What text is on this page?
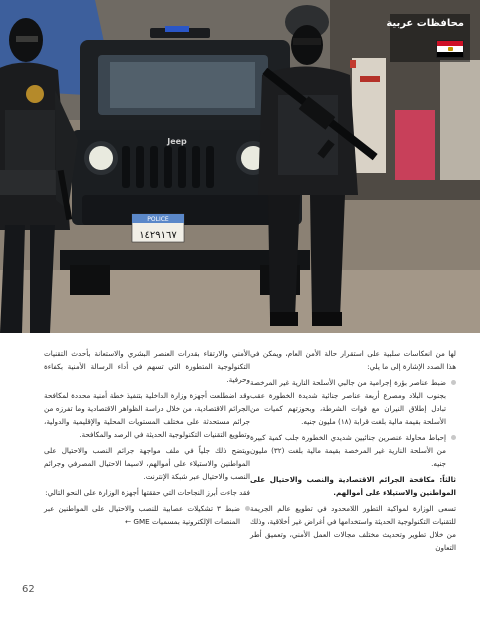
POLICE
١٤٢٩١٦٧
Jeep
محافظات عربية

لها من انعكاسات سلبية على استقرار حالة الأمن العام، ويمكن في هذا الصدد الإشارة إلى ما يلي:

ضبط عناصر بؤرة إجرامية من جالبي الأسلحة النارية غير المرخصة بجنوب البلاد ومصرع أربعة عناصر جنائية شديدة الخطورة عقب تبادل إطلاق النيران مع قوات الشرطة، وبحوزتهم كميات من الأسلحة بقيمة مالية بلغت قرابة (١٨) مليون جنيه.
إحباط محاولة عنصرين جنائيين شديدي الخطورة جلب كمية كبيرة من الأسلحة النارية غير المرخصة بقيمة مالية بلغت (٣٢) مليون جنيه.

ثالثاً: مكافحة الجرائم الاقتصادية والنصب والاحتيال على المواطنين والاستيلاء على أموالهم.

تسعى الوزارة لمواكبة التطور اللامحدود في تطويع عالم الجريمة للتقنيات التكنولوجية الحديثة واستخدامها في أغراض غير أخلاقية، وذلك من خلال تطوير وتحديث مختلف مجالات العمل الأمني، وتعميق أطر التعاون

الأمني والارتقاء بقدرات العنصر البشري والاستعانة بأحدث التقنيات التكنولوجية المتطورة التي تسهم في أداء الرسالة الأمنية بكفاءة وحرفية.

وقد اضطلعت أجهزة وزارة الداخلية بتنفيذ خطة أمنية محددة لمكافحة الجرائم الاقتصادية، من خلال دراسة الظواهر الاقتصادية وما تفرزه من جرائم مستحدثة على مختلف المستويات المحلية والإقليمية والدولية، وتطويع التقنيات التكنولوجية الحديثة في الرصد والمكافحة.

ويتضح ذلك جلياً في ملف مواجهة جرائم النصب والاحتيال على المواطنين والاستيلاء على أموالهم، لاسيما الاحتيال المصرفي وجرائم النصب والاحتيال عبر شبكة الإنترنت.

فقد جاءت أبرز النجاحات التي حققتها أجهزة الوزارة على النحو التالي:

ضبط ٣ تشكيلات عصابية للنصب والاحتيال على المواطنين عبر المنصات الإلكترونية بمسميات GME ←
62
